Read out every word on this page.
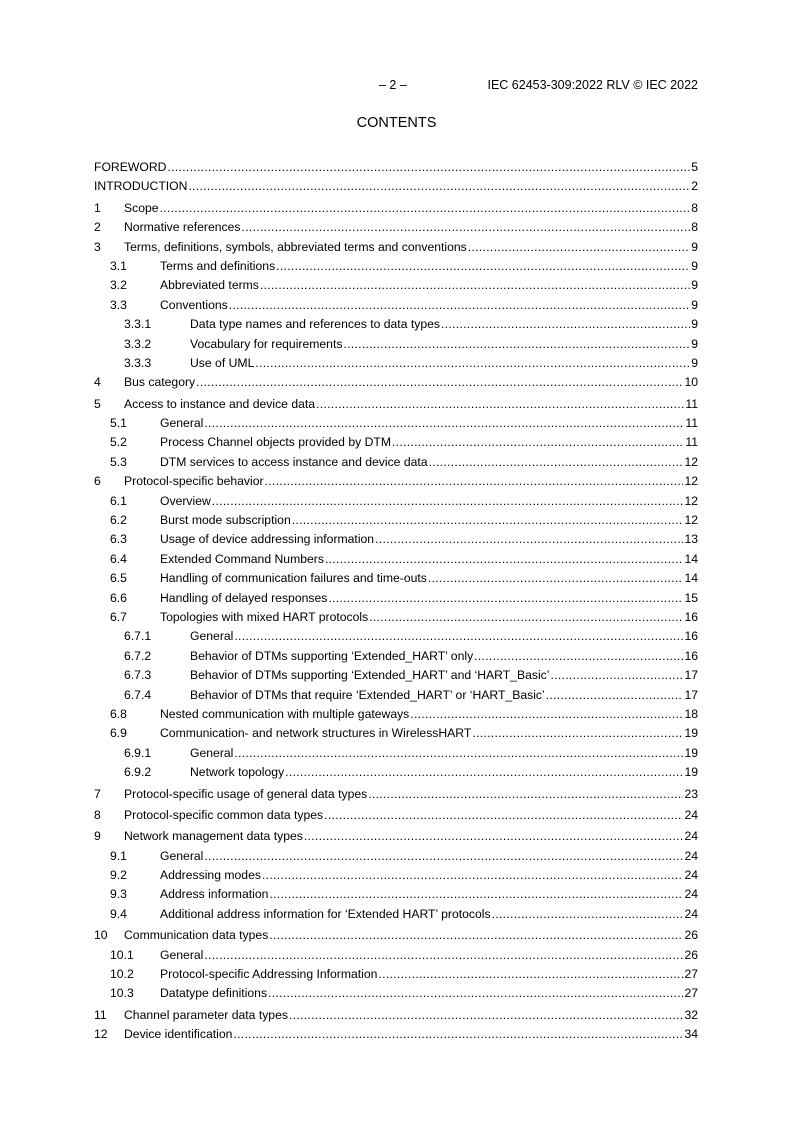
– 2 –	IEC 62453-309:2022 RLV © IEC 2022
CONTENTS
FOREWORD .....	5
INTRODUCTION .....	2
1	Scope .....	8
2	Normative references .....	8
3	Terms, definitions, symbols, abbreviated terms and conventions .....	9
3.1	Terms and definitions .....	9
3.2	Abbreviated terms .....	9
3.3	Conventions .....	9
3.3.1	Data type names and references to data types .....	9
3.3.2	Vocabulary for requirements .....	9
3.3.3	Use of UML .....	9
4	Bus category .....	10
5	Access to instance and device data .....	11
5.1	General .....	11
5.2	Process Channel objects provided by DTM .....	11
5.3	DTM services to access instance and device data .....	12
6	Protocol-specific behavior .....	12
6.1	Overview .....	12
6.2	Burst mode subscription .....	12
6.3	Usage of device addressing information .....	13
6.4	Extended Command Numbers .....	14
6.5	Handling of communication failures and time-outs .....	14
6.6	Handling of delayed responses .....	15
6.7	Topologies with mixed HART protocols .....	16
6.7.1	General .....	16
6.7.2	Behavior of DTMs supporting ‘Extended_HART’ only .....	16
6.7.3	Behavior of DTMs supporting ‘Extended_HART’ and ‘HART_Basic’ .....	17
6.7.4	Behavior of DTMs that require ‘Extended_HART’ or ‘HART_Basic’ .....	17
6.8	Nested communication with multiple gateways .....	18
6.9	Communication- and network structures in WirelessHART .....	19
6.9.1	General .....	19
6.9.2	Network topology .....	19
7	Protocol-specific usage of general data types .....	23
8	Protocol-specific common data types .....	24
9	Network management data types .....	24
9.1	General .....	24
9.2	Addressing modes .....	24
9.3	Address information .....	24
9.4	Additional address information for ‘Extended HART’ protocols .....	24
10	Communication data types .....	26
10.1	General .....	26
10.2	Protocol-specific Addressing Information .....	27
10.3	Datatype definitions .....	27
11	Channel parameter data types .....	32
12	Device identification .....	34
